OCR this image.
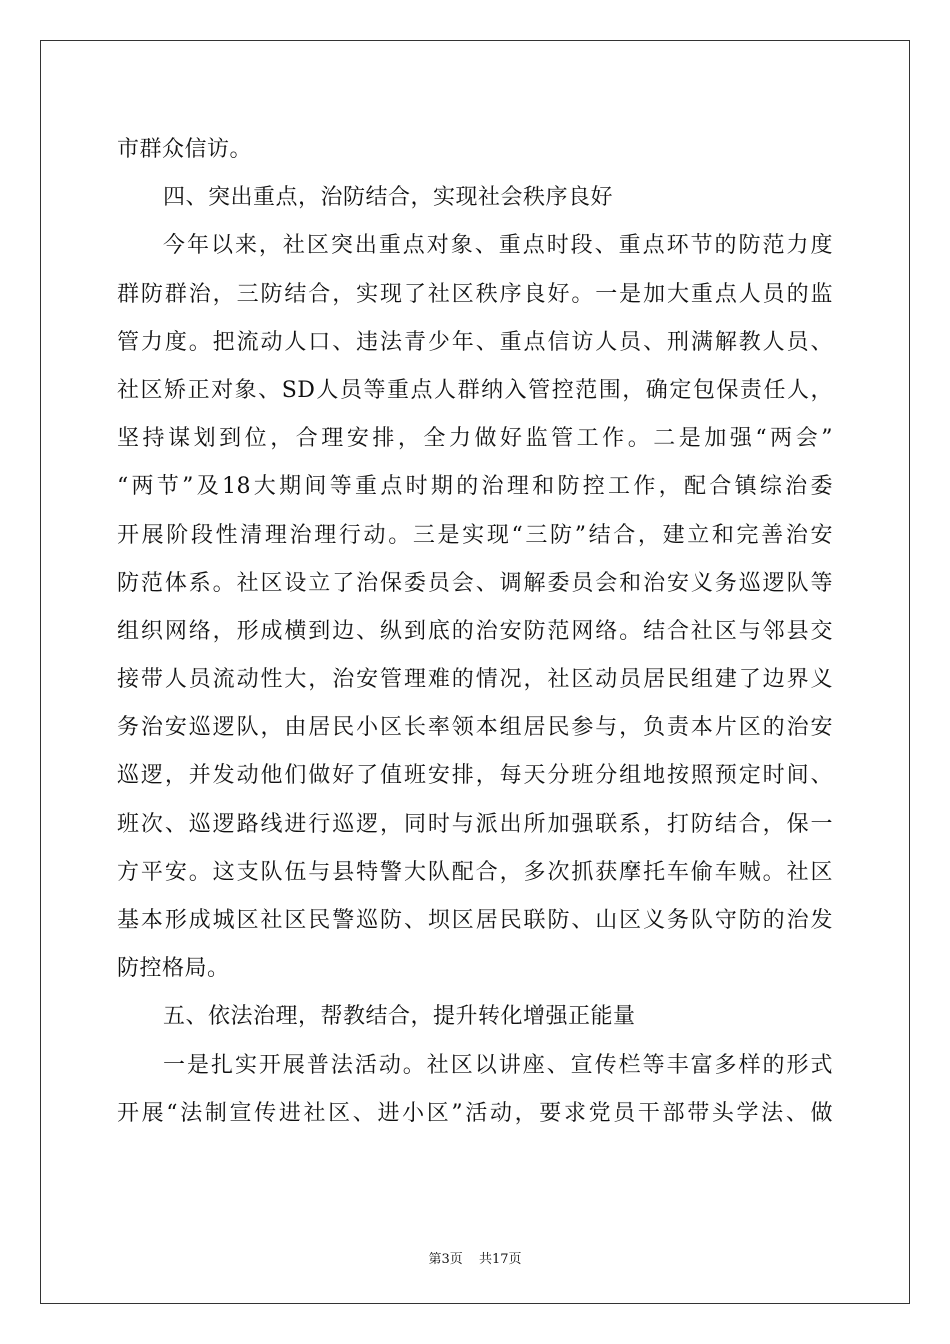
市群众信访。
四、突出重点，治防结合，实现社会秩序良好
今年以来，社区突出重点对象、重点时段、重点环节的防范力度
群防群治，三防结合，实现了社区秩序良好。一是加大重点人员的监
管力度。把流动人口、违法青少年、重点信访人员、刑满解教人员、
社区矫正对象、SD人员等重点人群纳入管控范围，确定包保责任人，
坚持谋划到位，合理安排，全力做好监管工作。二是加强“两会”
“两节”及18大期间等重点时期的治理和防控工作，配合镇综治委
开展阶段性清理治理行动。三是实现“三防”结合，建立和完善治安
防范体系。社区设立了治保委员会、调解委员会和治安义务巡逻队等
组织网络，形成横到边、纵到底的治安防范网络。结合社区与邻县交
接带人员流动性大，治安管理难的情况，社区动员居民组建了边界义
务治安巡逻队，由居民小区长率领本组居民参与，负责本片区的治安
巡逻，并发动他们做好了值班安排，每天分班分组地按照预定时间、
班次、巡逻路线进行巡逻，同时与派出所加强联系，打防结合，保一
方平安。这支队伍与县特警大队配合，多次抓获摩托车偷车贼。社区
基本形成城区社区民警巡防、坝区居民联防、山区义务队守防的治发
防控格局。
五、依法治理，帮教结合，提升转化增强正能量
一是扎实开展普法活动。社区以讲座、宣传栏等丰富多样的形式
开展“法制宣传进社区、进小区”活动，要求党员干部带头学法、做
第3页 共17页
